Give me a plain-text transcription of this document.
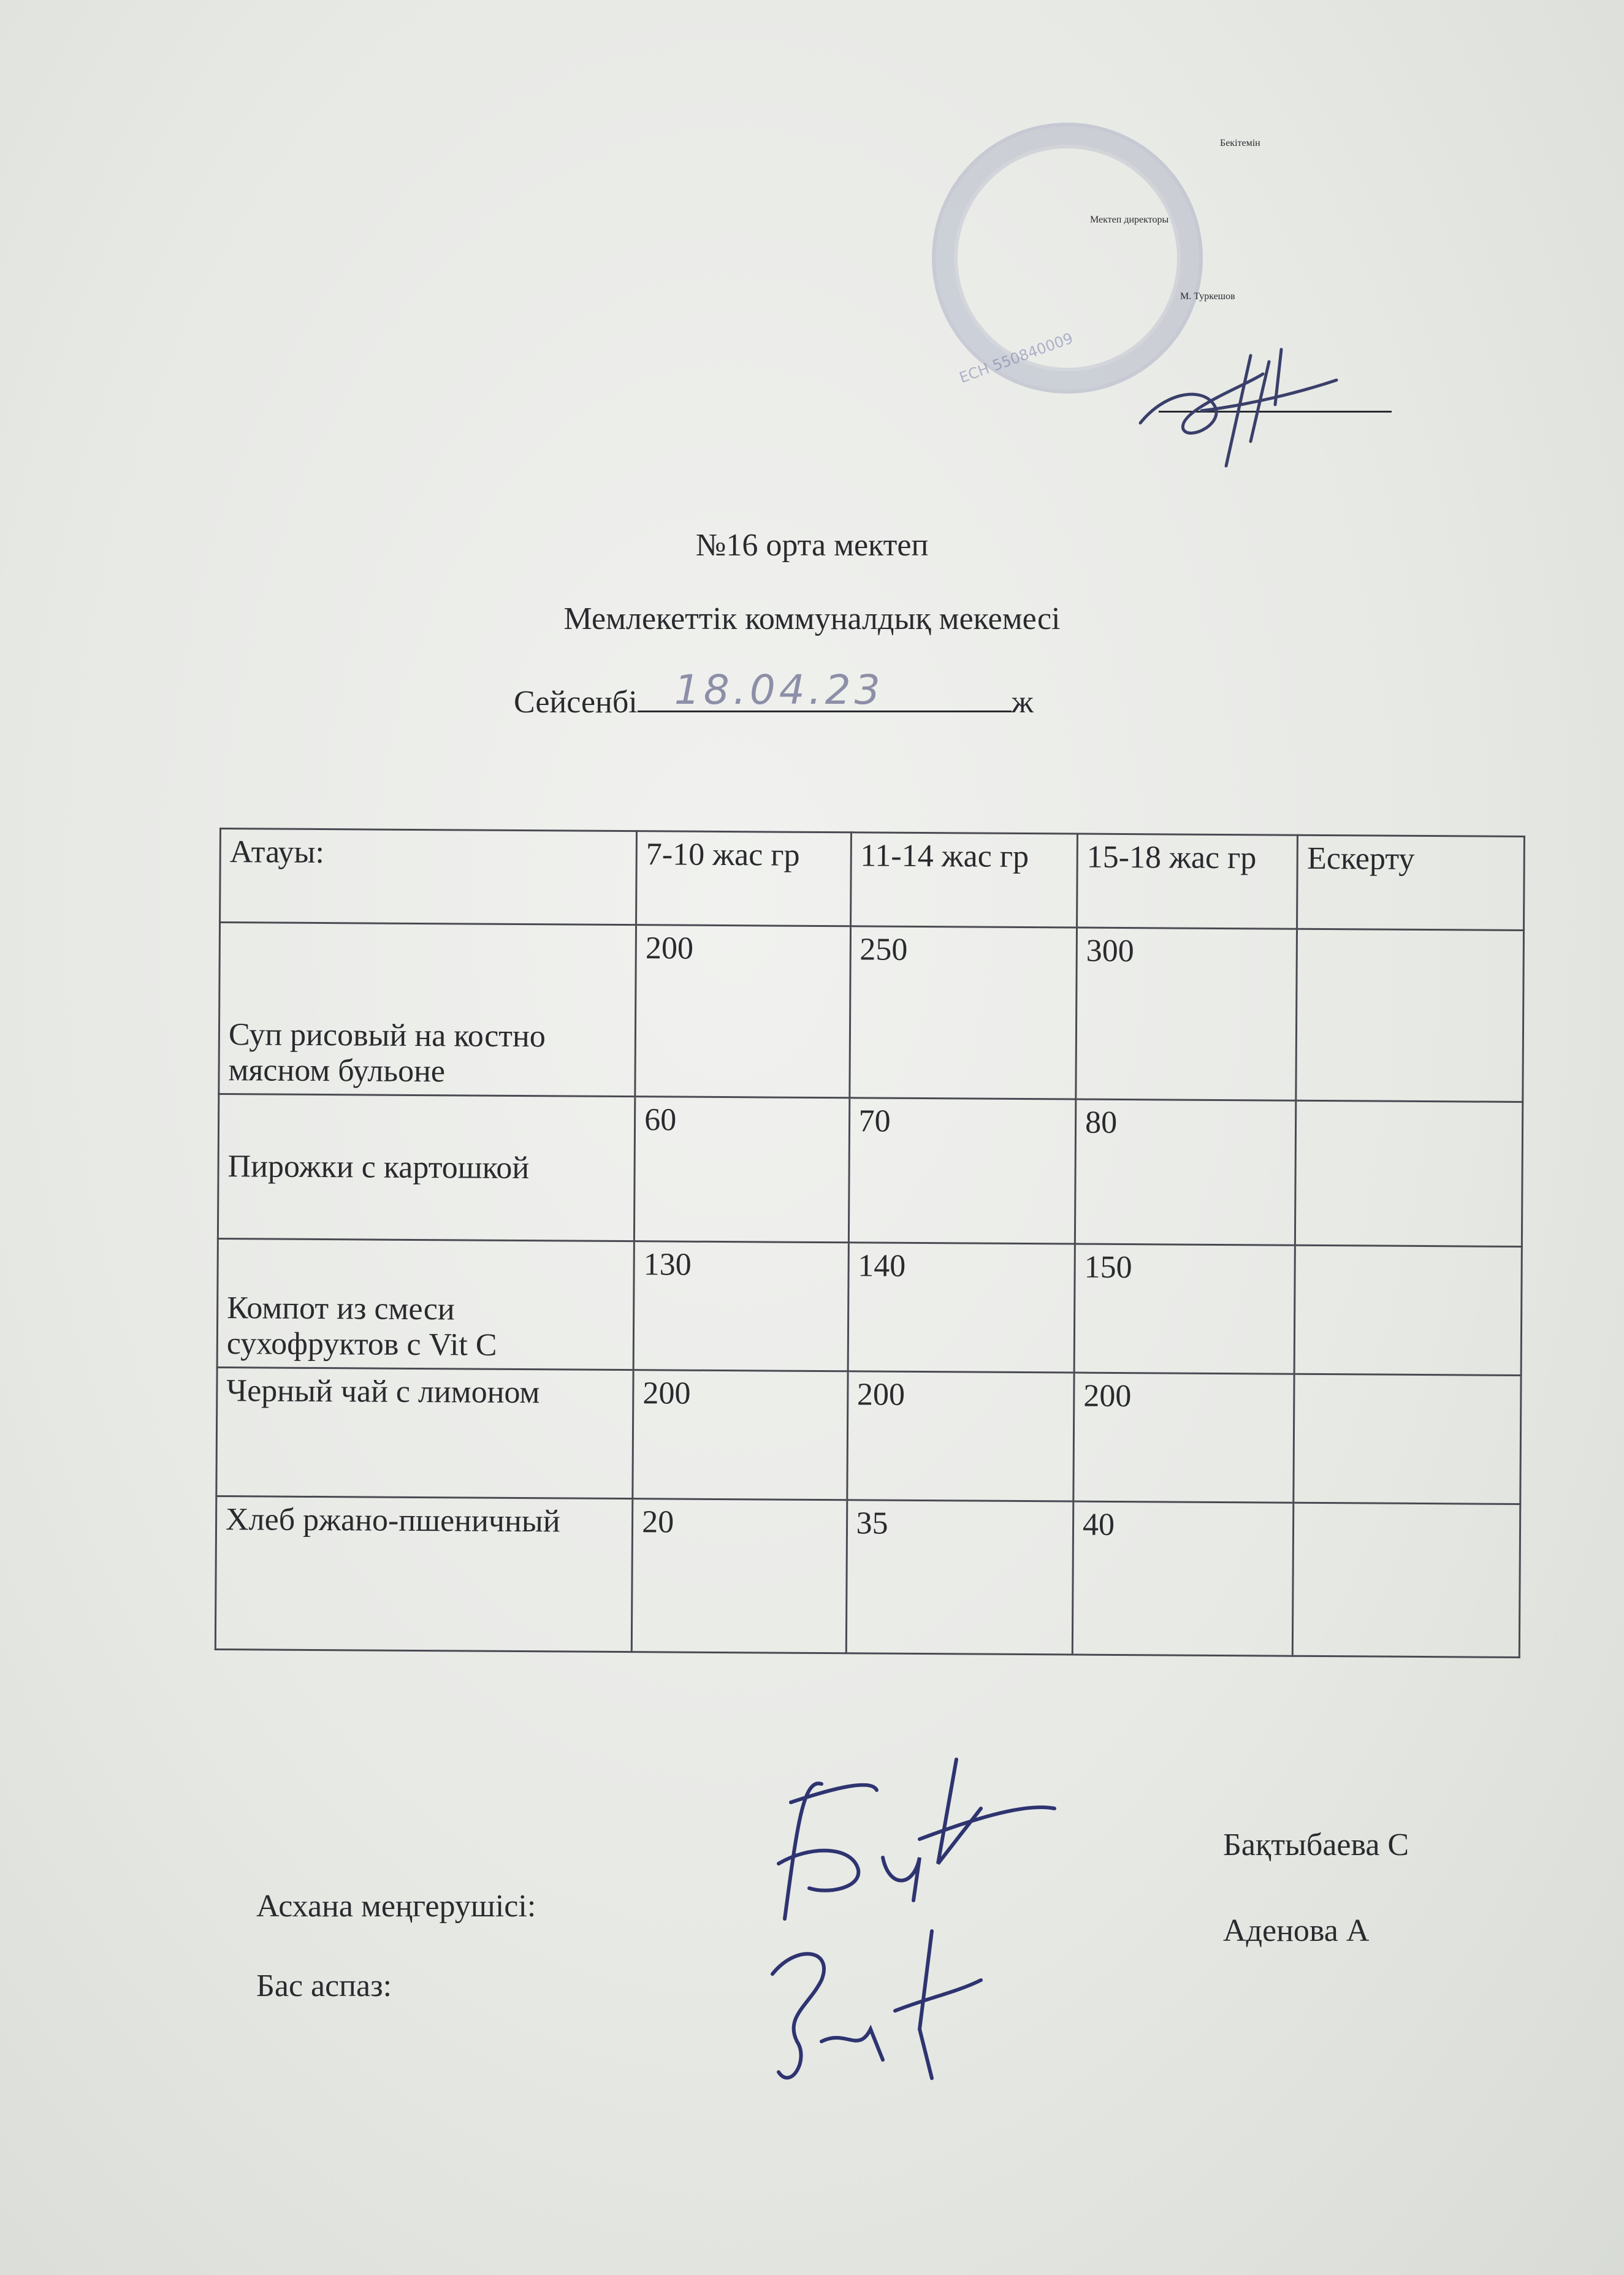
ЕСН 550840009
Бекітемін
Мектеп директоры
М. Туркешов
№16 орта мектеп
Мемлекеттік коммуналдық мекемесі
Сейсенбі 18.04.23	ж
Атауы:	7-10 жас гр	11-14 жас гр	15-18 жас гр	Ескерту
Суп рисовый на костно мясном бульоне	200	250	300	
Пирожки с картошкой	60	70	80	
Компот из смеси сухофруктов с Vit C	130	140	150	
Черный чай с лимоном	200	200	200	
Хлеб ржано-пшеничный	20	35	40	
Асхана меңгерушісі:
Бас аспаз:
Бақтыбаева С
Аденова А
